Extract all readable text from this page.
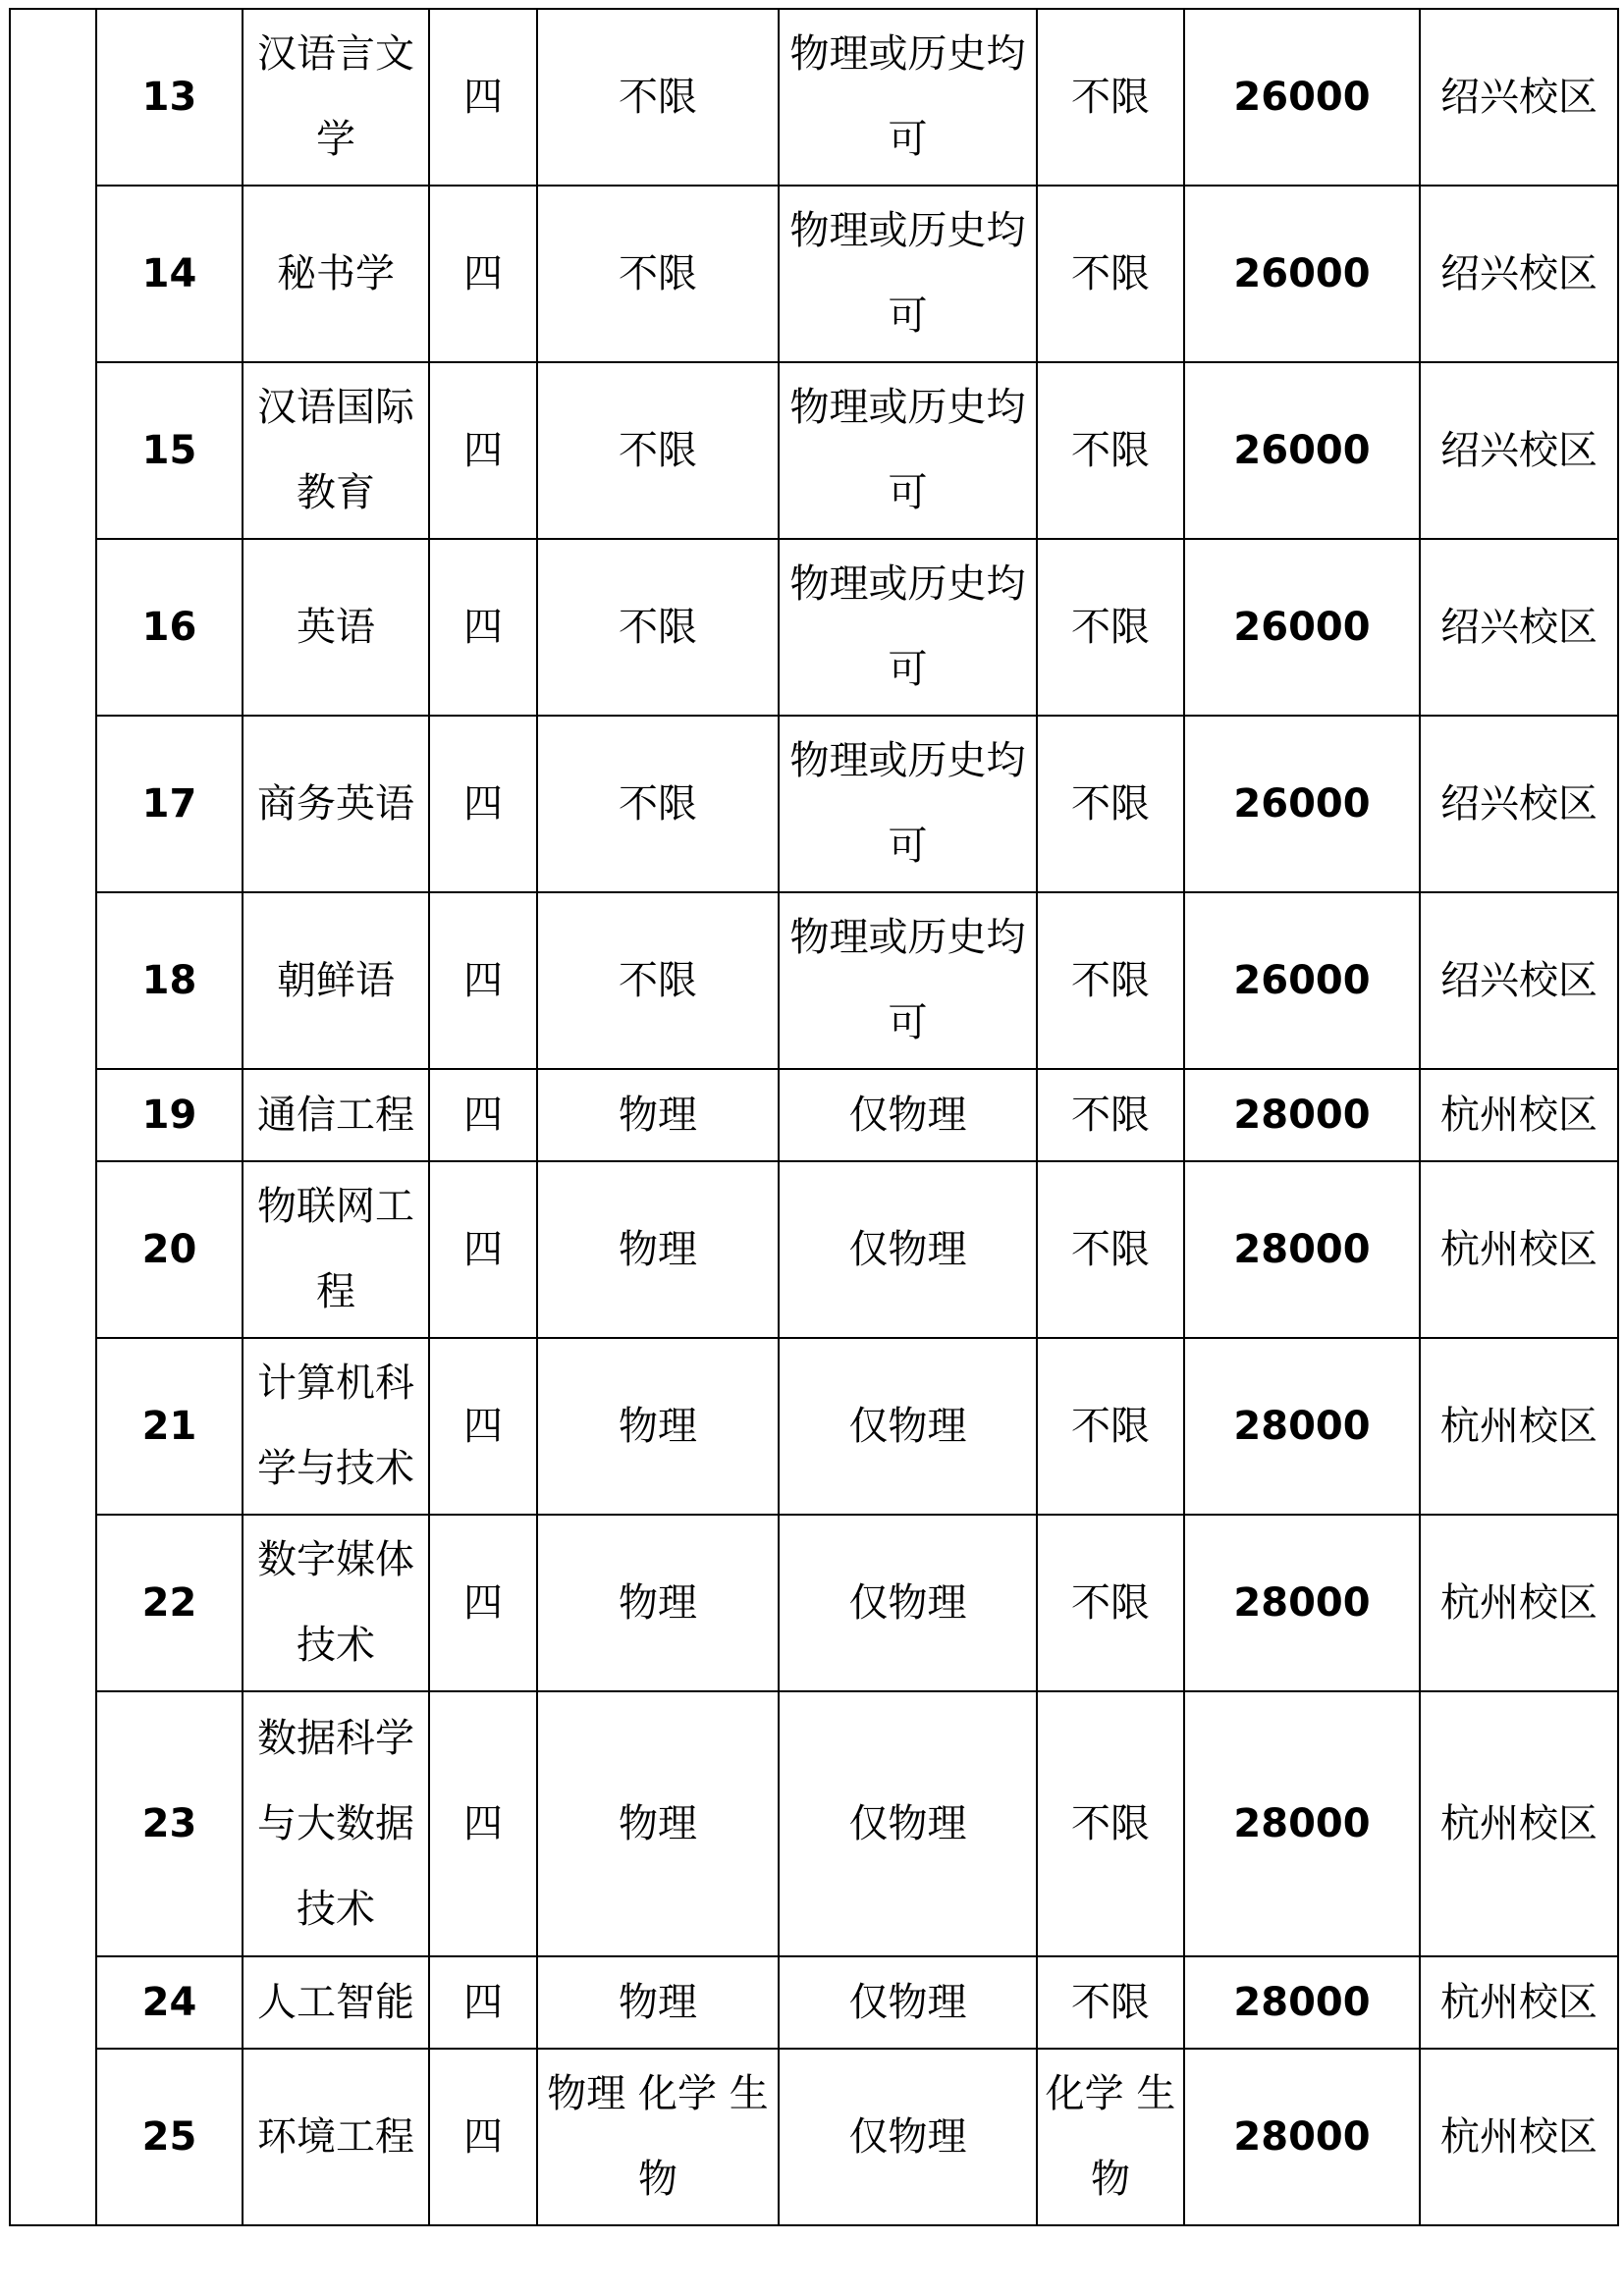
	13	汉语言文学	四	不限	物理或历史均可	不限	26000	绍兴校区
	14	秘书学	四	不限	物理或历史均可	不限	26000	绍兴校区
	15	汉语国际教育	四	不限	物理或历史均可	不限	26000	绍兴校区
	16	英语	四	不限	物理或历史均可	不限	26000	绍兴校区
	17	商务英语	四	不限	物理或历史均可	不限	26000	绍兴校区
	18	朝鲜语	四	不限	物理或历史均可	不限	26000	绍兴校区
	19	通信工程	四	物理	仅物理	不限	28000	杭州校区
	20	物联网工程	四	物理	仅物理	不限	28000	杭州校区
	21	计算机科学与技术	四	物理	仅物理	不限	28000	杭州校区
	22	数字媒体技术	四	物理	仅物理	不限	28000	杭州校区
	23	数据科学与大数据技术	四	物理	仅物理	不限	28000	杭州校区
	24	人工智能	四	物理	仅物理	不限	28000	杭州校区
	25	环境工程	四	物理 化学 生物	仅物理	化学 生物	28000	杭州校区
